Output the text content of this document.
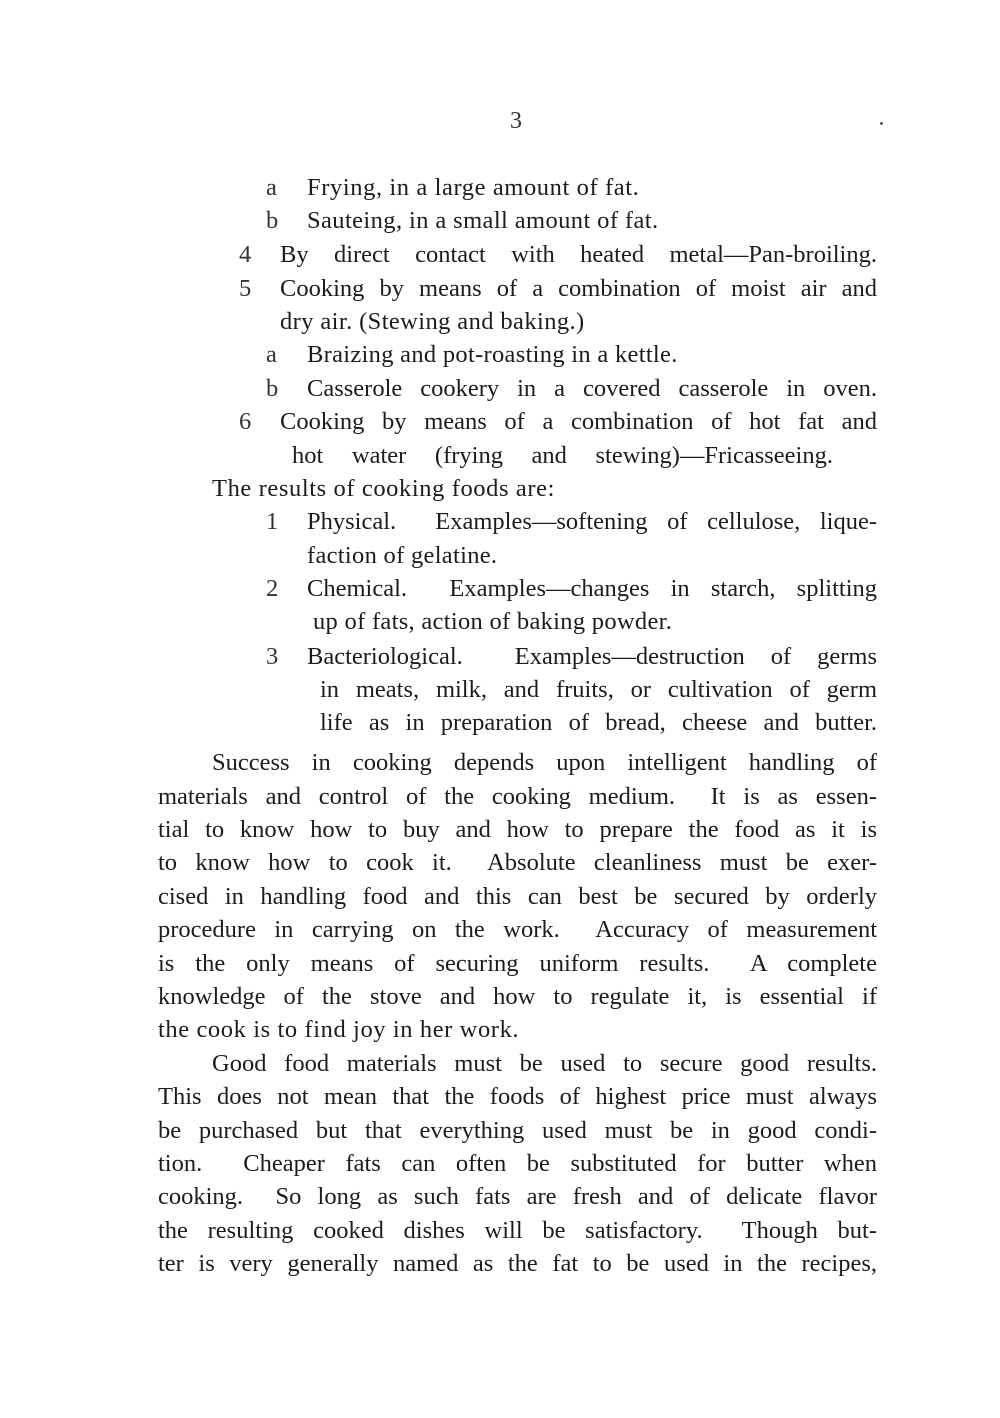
3
a Frying, in a large amount of fat.
b Sauteing, in a small amount of fat.
4 By direct contact with heated metal—Pan-broiling.
5 Cooking by means of a combination of moist air and
dry air. (Stewing and baking.)
a Braizing and pot-roasting in a kettle.
b Casserole cookery in a covered casserole in oven.
6 Cooking by means of a combination of hot fat and
hot water (frying and stewing)—Fricasseeing.
The results of cooking foods are:
1 Physical.  Examples—softening of cellulose, lique-
faction of gelatine.
2 Chemical.  Examples—changes in starch, splitting
up of fats, action of baking powder.
3 Bacteriological.  Examples—destruction of germs
in meats, milk, and fruits, or cultivation of germ
life as in preparation of bread, cheese and butter.
Success in cooking depends upon intelligent handling of
materials and control of the cooking medium.  It is as essen-
tial to know how to buy and how to prepare the food as it is
to know how to cook it.  Absolute cleanliness must be exer-
cised in handling food and this can best be secured by orderly
procedure in carrying on the work.  Accuracy of measurement
is the only means of securing uniform results.  A complete
knowledge of the stove and how to regulate it, is essential if
the cook is to find joy in her work.
Good food materials must be used to secure good results.
This does not mean that the foods of highest price must always
be purchased but that everything used must be in good condi-
tion.  Cheaper fats can often be substituted for butter when
cooking.  So long as such fats are fresh and of delicate flavor
the resulting cooked dishes will be satisfactory.  Though but-
ter is very generally named as the fat to be used in the recipes,
